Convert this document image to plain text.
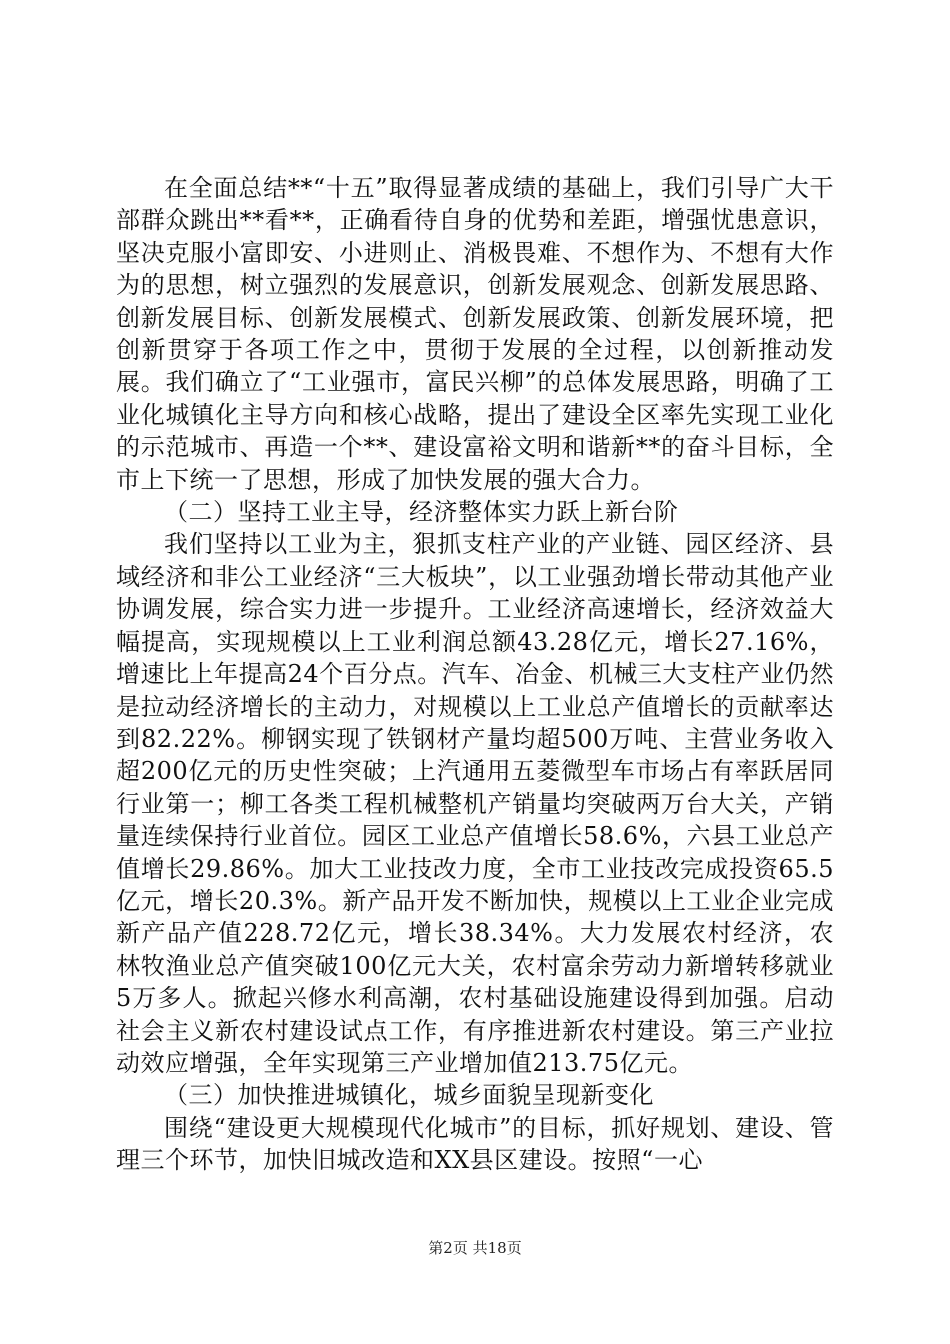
在全面总结**“十五”取得显著成绩的基础上，我们引导广大干部群众跳出**看**，正确看待自身的优势和差距，增强忧患意识，坚决克服小富即安、小进则止、消极畏难、不想作为、不想有大作为的思想，树立强烈的发展意识，创新发展观念、创新发展思路、创新发展目标、创新发展模式、创新发展政策、创新发展环境，把创新贯穿于各项工作之中，贯彻于发展的全过程，以创新推动发展。我们确立了“工业强市，富民兴柳”的总体发展思路，明确了工业化城镇化主导方向和核心战略，提出了建设全区率先实现工业化的示范城市、再造一个**、建设富裕文明和谐新**的奋斗目标，全市上下统一了思想，形成了加快发展的强大合力。

（二）坚持工业主导，经济整体实力跃上新台阶

我们坚持以工业为主，狠抓支柱产业的产业链、园区经济、县域经济和非公工业经济“三大板块”，以工业强劲增长带动其他产业协调发展，综合实力进一步提升。工业经济高速增长，经济效益大幅提高，实现规模以上工业利润总额43.28亿元，增长27.16%，增速比上年提高24个百分点。汽车、冶金、机械三大支柱产业仍然是拉动经济增长的主动力，对规模以上工业总产值增长的贡献率达到82.22%。柳钢实现了铁钢材产量均超500万吨、主营业务收入超200亿元的历史性突破；上汽通用五菱微型车市场占有率跃居同行业第一；柳工各类工程机械整机产销量均突破两万台大关，产销量连续保持行业首位。园区工业总产值增长58.6%，六县工业总产值增长29.86%。加大工业技改力度，全市工业技改完成投资65.5亿元，增长20.3%。新产品开发不断加快，规模以上工业企业完成新产品产值228.72亿元，增长38.34%。大力发展农村经济，农林牧渔业总产值突破100亿元大关，农村富余劳动力新增转移就业5万多人。掀起兴修水利高潮，农村基础设施建设得到加强。启动社会主义新农村建设试点工作，有序推进新农村建设。第三产业拉动效应增强，全年实现第三产业增加值213.75亿元。

（三）加快推进城镇化，城乡面貌呈现新变化

围绕“建设更大规模现代化城市”的目标，抓好规划、建设、管理三个环节，加快旧城改造和XX县区建设。按照“一心

第2页 共18页
